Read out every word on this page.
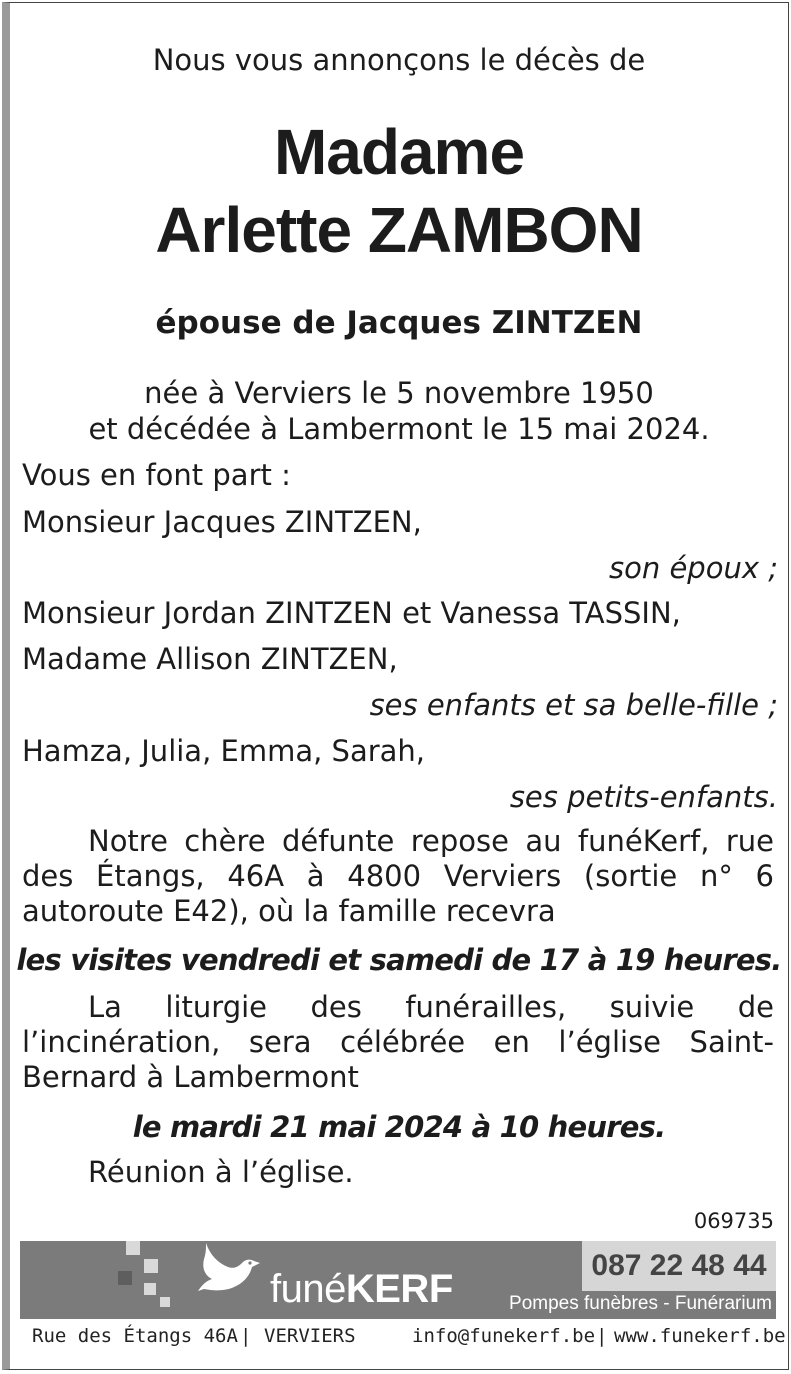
Nous vous annonçons le décès de
Madame
Arlette ZAMBON
épouse de Jacques ZINTZEN
née à Verviers le 5 novembre 1950
et décédée à Lambermont le 15 mai 2024.
Vous en font part :
Monsieur Jacques ZINTZEN,
son époux ;
Monsieur Jordan ZINTZEN et Vanessa TASSIN,
Madame Allison ZINTZEN,
ses enfants et sa belle-fille ;
Hamza, Julia, Emma, Sarah,
ses petits-enfants.
Notre chère défunte repose au funéKerf, rue des Étangs, 46A à 4800 Verviers (sortie n° 6 autoroute E42), où la famille recevra
les visites vendredi et samedi de 17 à 19 heures.
La liturgie des funérailles, suivie de l’incinération, sera célébrée en l’église Saint-Bernard à Lambermont
le mardi 21 mai 2024 à 10 heures.
Réunion à l’église.
069735
funéKERF
087 22 48 44
Pompes funèbres - Funérarium
Rue des Étangs 46A | VERVIERS	info@funekerf.be | www.funekerf.be
